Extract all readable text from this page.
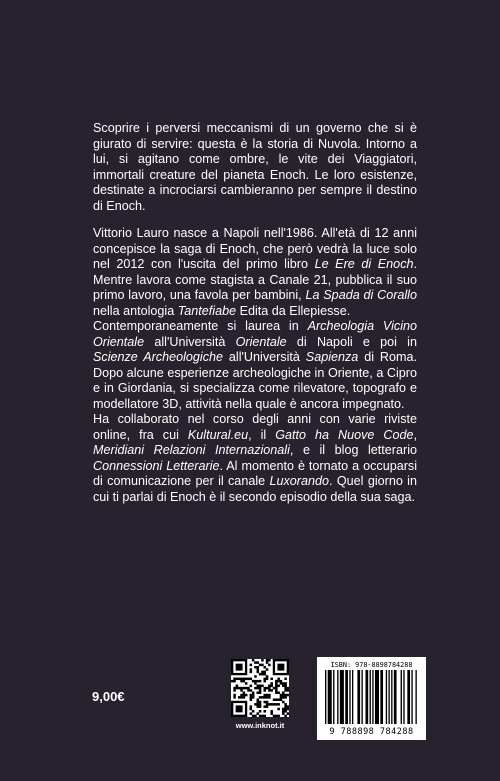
Scoprire i perversi meccanismi di un governo che si è giurato di servire: questa è la storia di Nuvola. Intorno a lui, si agitano come ombre, le vite dei Viaggiatori, immortali creature del pianeta Enoch. Le loro esistenze, destinate a incrociarsi cambieranno per sempre il destino di Enoch.

Vittorio Lauro nasce a Napoli nell'1986. All'età di 12 anni concepisce la saga di Enoch, che però vedrà la luce solo nel 2012 con l'uscita del primo libro Le Ere di Enoch. Mentre lavora come stagista a Canale 21, pubblica il suo primo lavoro, una favola per bambini, La Spada di Corallo nella antologia Tantefiabe Edita da Ellepiesse.

Contemporaneamente si laurea in Archeologia Vicino Orientale all'Università Orientale di Napoli e poi in Scienze Archeologiche all'Università Sapienza di Roma. Dopo alcune esperienze archeologiche in Oriente, a Cipro e in Giordania, si specializza come rilevatore, topografo e modellatore 3D, attività nella quale è ancora impegnato.

Ha collaborato nel corso degli anni con varie riviste online, fra cui Kultural.eu, il Gatto ha Nuove Code, Meridiani Relazioni Internazionali, e il blog letterario Connessioni Letterarie. Al momento è tornato a occuparsi di comunicazione per il canale Luxorando. Quel giorno in cui ti parlai di Enoch è il secondo episodio della sua saga.

9,00€
www.inknot.it
ISBN: 978-8898784288
9 788898 784288
